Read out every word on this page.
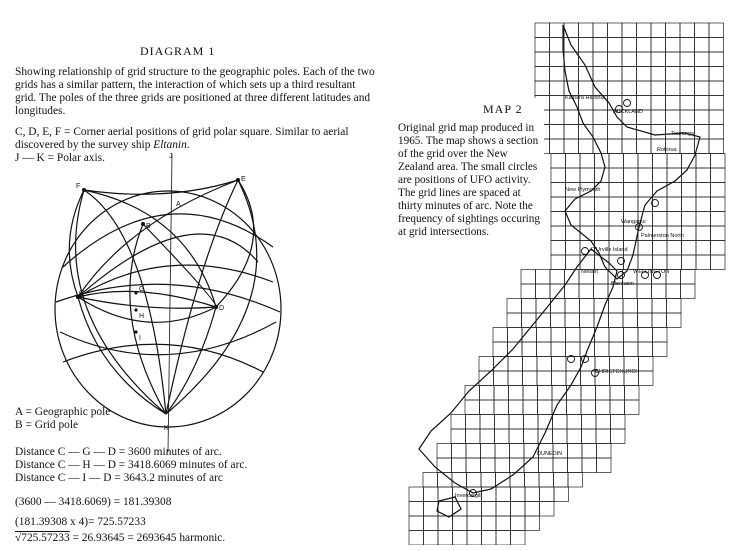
DIAGRAM 1
Showing relationship of grid structure to the geographic poles. Each of the two grids has a similar pattern, the interaction of which sets up a third resultant grid. The poles of the three grids are positioned at three different latitudes and longitudes.
C, D, E, F = Corner aerial positions of grid polar square. Similar to aerial discovered by the survey ship Eltanin.
J — K = Polar axis.	J
F
E
A
B
C
G
H
D
I
K
A = Geographic pole
B = Grid pole
Distance C — G — D = 3600 minutes of arc.
Distance C — H — D = 3418.6069 minutes of arc.
Distance C — I — D = 3643.2 minutes of arc
(3600 — 3418.6069) = 181.39308
(181.39308 x 4)= 725.57233
√725.57233 = 26.93645 = 2693645 harmonic.
Kaipara Harbour
AUCKLAND
Tauranga
Rotorua
New Plymouth
Wanganui
Palmerston North
D'Urville Island
Nelson	WELLINGTON
Blenheim
CHRISTCHURCH
DUNEDIN
Invercargill
MAP 2
Original grid map produced in 1965. The map shows a section of the grid over the New Zealand area. The small circles are positions of UFO activity. The grid lines are spaced at thirty minutes of arc. Note the frequency of sightings occuring at grid intersections.
